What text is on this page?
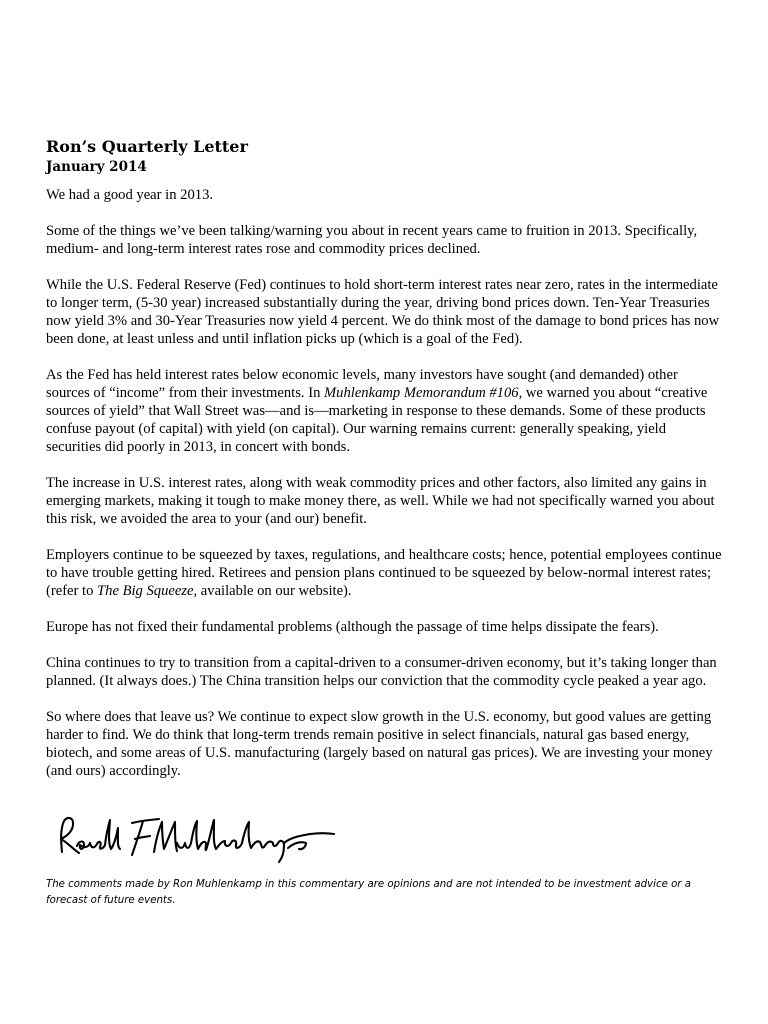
Ron’s Quarterly Letter
January 2014

We had a good year in 2013.

Some of the things we’ve been talking/warning you about in recent years came to fruition in 2013. Specifically, medium- and long-term interest rates rose and commodity prices declined.

While the U.S. Federal Reserve (Fed) continues to hold short-term interest rates near zero, rates in the intermediate to longer term, (5-30 year) increased substantially during the year, driving bond prices down. Ten-Year Treasuries now yield 3% and 30-Year Treasuries now yield 4 percent. We do think most of the damage to bond prices has now been done, at least unless and until inflation picks up (which is a goal of the Fed).

As the Fed has held interest rates below economic levels, many investors have sought (and demanded) other sources of “income” from their investments. In Muhlenkamp Memorandum #106, we warned you about “creative sources of yield” that Wall Street was—and is—marketing in response to these demands. Some of these products confuse payout (of capital) with yield (on capital). Our warning remains current: generally speaking, yield securities did poorly in 2013, in concert with bonds.

The increase in U.S. interest rates, along with weak commodity prices and other factors, also limited any gains in emerging markets, making it tough to make money there, as well. While we had not specifically warned you about this risk, we avoided the area to your (and our) benefit.

Employers continue to be squeezed by taxes, regulations, and healthcare costs; hence, potential employees continue to have trouble getting hired. Retirees and pension plans continued to be squeezed by below-normal interest rates; (refer to The Big Squeeze, available on our website).

Europe has not fixed their fundamental problems (although the passage of time helps dissipate the fears).

China continues to try to transition from a capital-driven to a consumer-driven economy, but it’s taking longer than planned. (It always does.) The China transition helps our conviction that the commodity cycle peaked a year ago.

So where does that leave us? We continue to expect slow growth in the U.S. economy, but good values are getting harder to find. We do think that long-term trends remain positive in select financials, natural gas based energy, biotech, and some areas of U.S. manufacturing (largely based on natural gas prices). We are investing your money (and ours) accordingly.

The comments made by Ron Muhlenkamp in this commentary are opinions and are not intended to be investment advice or a forecast of future events.
